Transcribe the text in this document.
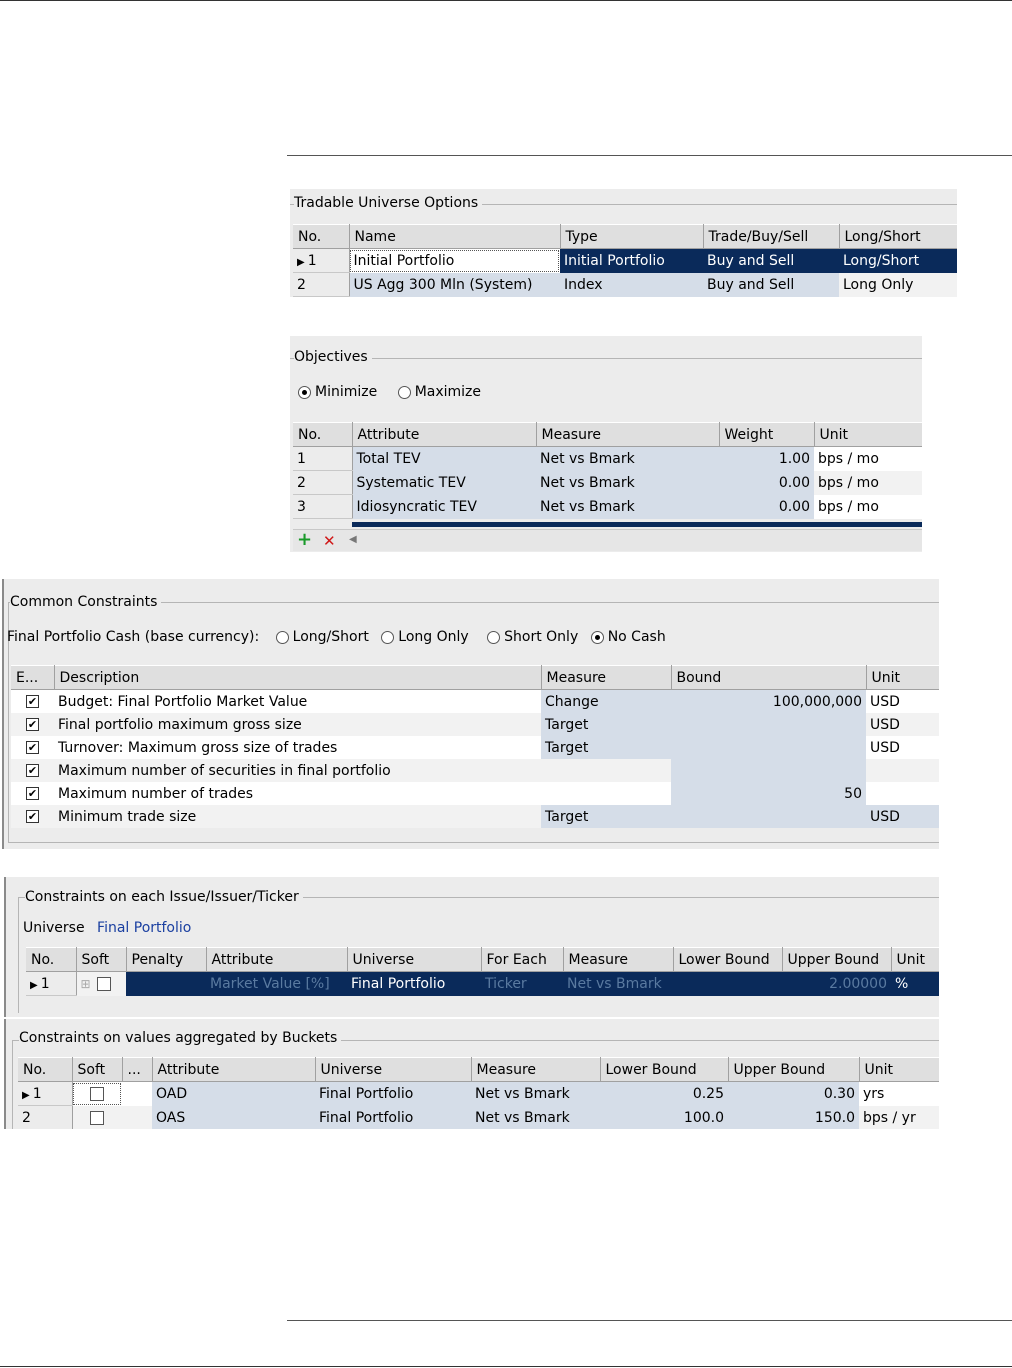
Tradable Universe Options
No.	Name	Type	Trade/Buy/Sell	Long/Short
▶ 1	Initial Portfolio	Initial Portfolio	Buy and Sell	Long/Short
2	US Agg 300 Mln (System)	Index	Buy and Sell	Long Only
Objectives
Minimize	Maximize
No.	Attribute	Measure	Weight	Unit
1	Total TEV	Net vs Bmark	1.00	bps / mo
2	Systematic TEV	Net vs Bmark	0.00	bps / mo
3	Idiosyncratic TEV	Net vs Bmark	0.00	bps / mo
+ ✕ ◀
Common Constraints
Final Portfolio Cash (base currency): Long/Short Long Only	Short Only No Cash
E...	Description	Measure	Bound	Unit
✔	Budget: Final Portfolio Market Value	Change	100,000,000	USD
✔	Final portfolio maximum gross size	Target		USD
✔	Turnover: Maximum gross size of trades	Target		USD
✔	Maximum number of securities in final portfolio			
✔	Maximum number of trades		50	
✔	Minimum trade size	Target		USD
Constraints on each Issue/Issuer/Ticker
Universe Final Portfolio
No.	Soft	Penalty	Attribute	Universe	For Each	Measure	Lower Bound	Upper Bound	Unit
▶ 1	⊞		Market Value [%]	Final Portfolio	Ticker	Net vs Bmark		2.00000	%
Constraints on values aggregated by Buckets
No.	Soft	...	Attribute	Universe	Measure	Lower Bound	Upper Bound	Unit
▶ 1			OAD	Final Portfolio	Net vs Bmark	0.25	0.30	yrs
2			OAS	Final Portfolio	Net vs Bmark	100.0	150.0	bps / yr
